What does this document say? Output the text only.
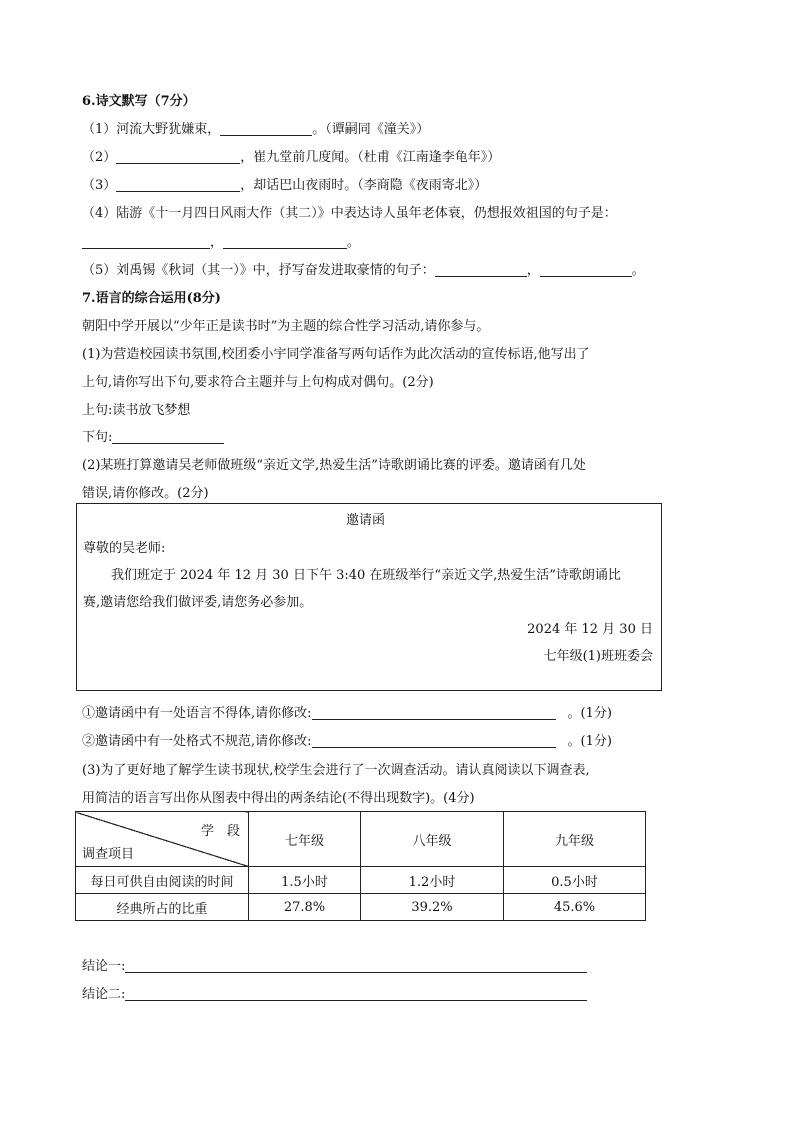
6.诗文默写（7分）
（1）河流大野犹嫌束，	。（谭嗣同《潼关》）
（2）	，崔九堂前几度闻。（杜甫《江南逢李龟年》）
（3）	，却话巴山夜雨时。（李商隐《夜雨寄北》）
（4）陆游《十一月四日风雨大作（其二）》中表达诗人虽年老体衰，仍想报效祖国的句子是：
，	。
（5）刘禹锡《秋词（其一）》中，抒写奋发进取豪情的句子：	，	。
7.语言的综合运用(8分)
朝阳中学开展以“少年正是读书时”为主题的综合性学习活动,请你参与。
(1)为营造校园读书氛围,校团委小宇同学准备写两句话作为此次活动的宣传标语,他写出了
上句,请你写出下句,要求符合主题并与上句构成对偶句。(2分)
上句:读书放飞梦想
下句:
(2)某班打算邀请吴老师做班级“亲近文学,热爱生活”诗歌朗诵比赛的评委。邀请函有几处
错误,请你修改。(2分)
邀请函
尊敬的吴老师:
我们班定于 2024 年 12 月 30 日下午 3:40 在班级举行“亲近文学,热爱生活”诗歌朗诵比
赛,邀请您给我们做评委,请您务必参加。
2024 年 12 月 30 日
七年级(1)班班委会
①邀请函中有一处语言不得体,请你修改:	。(1分)
②邀请函中有一处格式不规范,请你修改:	。(1分)
(3)为了更好地了解学生读书现状,校学生会进行了一次调查活动。请认真阅读以下调查表,
用简洁的语言写出你从图表中得出的两条结论(不得出现数字)。(4分)
学　段
调查项目	七年级	八年级	九年级
每日可供自由阅读的时间	1.5小时	1.2小时	0.5小时
经典所占的比重	27.8%	39.2%	45.6%
结论一:
结论二:
